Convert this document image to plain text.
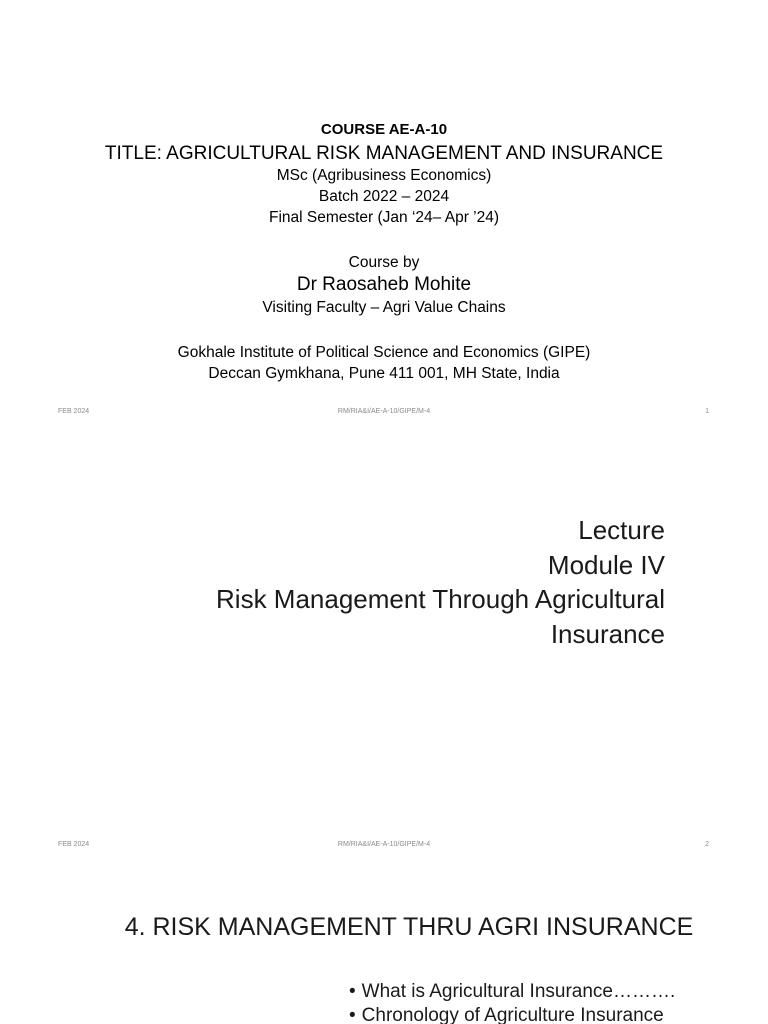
COURSE AE-A-10
TITLE: AGRICULTURAL RISK MANAGEMENT AND INSURANCE
MSc (Agribusiness Economics)
Batch 2022 – 2024
Final Semester (Jan ‘24– Apr ’24)
Course by
Dr Raosaheb Mohite
Visiting Faculty – Agri Value Chains
Gokhale Institute of Political Science and Economics (GIPE)
Deccan Gymkhana, Pune 411 001, MH State, India
FEB 2024	RM/RIA&I/AE-A-10/GIPE/M-4	1
Lecture
Module IV
Risk Management Through Agricultural
Insurance
FEB 2024	RM/RIA&I/AE-A-10/GIPE/M-4	2
4. RISK MANAGEMENT THRU AGRI INSURANCE
• What is Agricultural Insurance……….
• Chronology of Agriculture Insurance
